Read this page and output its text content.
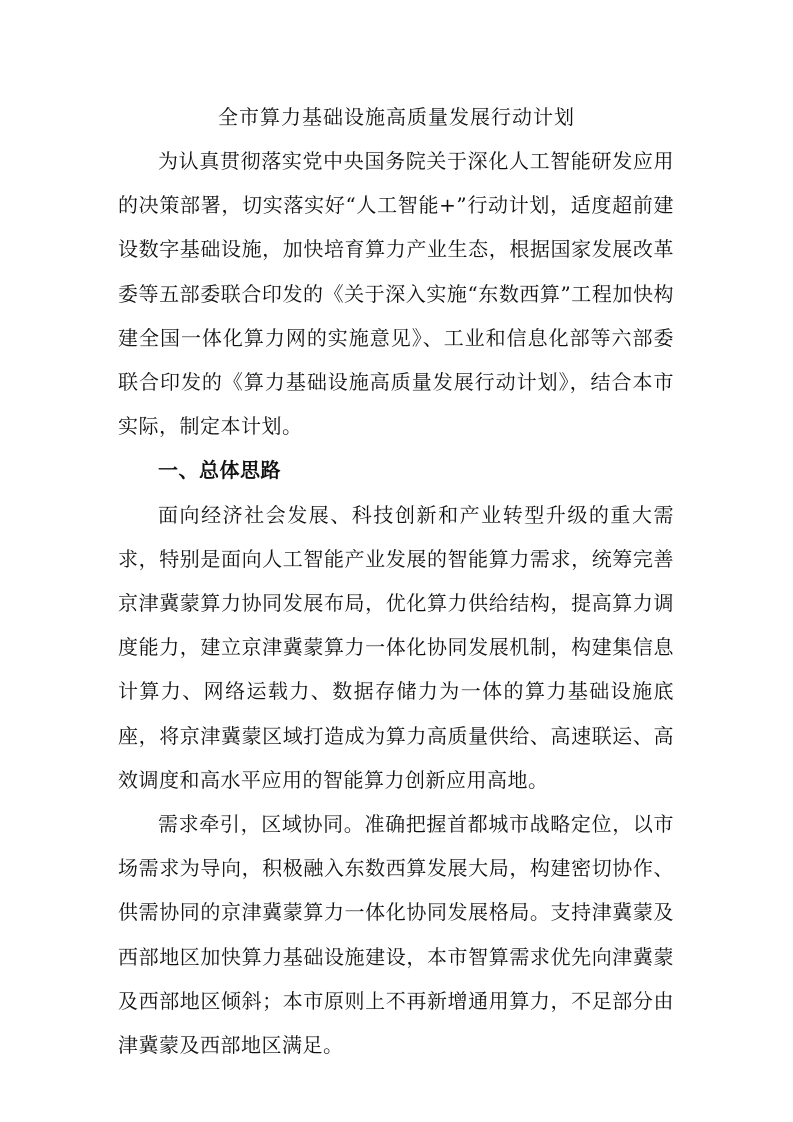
全市算力基础设施高质量发展行动计划

为认真贯彻落实党中央国务院关于深化人工智能研发应用的决策部署，切实落实好“人工智能+”行动计划，适度超前建设数字基础设施，加快培育算力产业生态，根据国家发展改革委等五部委联合印发的《关于深入实施“东数西算”工程加快构建全国一体化算力网的实施意见》、工业和信息化部等六部委联合印发的《算力基础设施高质量发展行动计划》，结合本市实际，制定本计划。

一、总体思路

面向经济社会发展、科技创新和产业转型升级的重大需求，特别是面向人工智能产业发展的智能算力需求，统筹完善京津冀蒙算力协同发展布局，优化算力供给结构，提高算力调度能力，建立京津冀蒙算力一体化协同发展机制，构建集信息计算力、网络运载力、数据存储力为一体的算力基础设施底座，将京津冀蒙区域打造成为算力高质量供给、高速联运、高效调度和高水平应用的智能算力创新应用高地。

需求牵引，区域协同。准确把握首都城市战略定位，以市场需求为导向，积极融入东数西算发展大局，构建密切协作、供需协同的京津冀蒙算力一体化协同发展格局。支持津冀蒙及西部地区加快算力基础设施建设，本市智算需求优先向津冀蒙及西部地区倾斜；本市原则上不再新增通用算力，不足部分由津冀蒙及西部地区满足。
